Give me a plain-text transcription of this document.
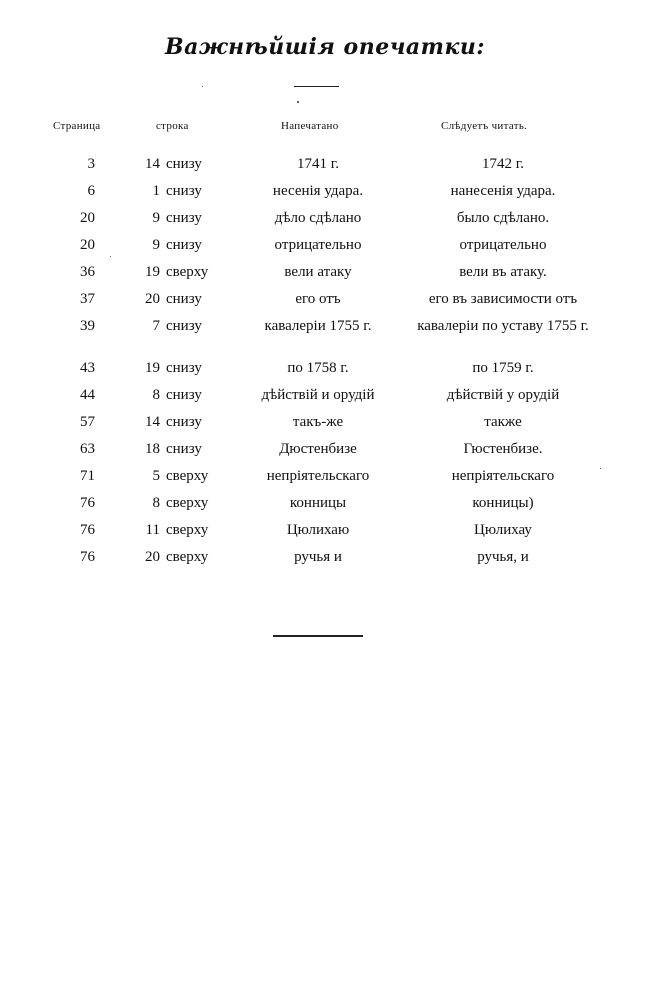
Важнѣйшія опечатки:
Страница	строка	Напечатано	Слѣдуетъ читать.
3	14 снизу	1741 г.	1742 г.
6	1 снизу	несенія удара.	нанесенія удара.
20	9 снизу	дѣло сдѣлано	было сдѣлано.
20	9 снизу	отрицательно	отрицательно
36	19 сверху	вели атаку	вели въ атаку.
37	20 снизу	его отъ	его въ зависимости отъ
39	7 снизу	кавалеріи 1755 г.	кавалеріи по уставу 1755 г.
43	19 снизу	по 1758 г.	по 1759 г.
44	8 снизу	дѣйствій и орудій	дѣйствій у орудій
57	14 снизу	такъ-же	также
63	18 снизу	Дюстенбизе	Гюстенбизе.
71	5 сверху	непріятельскаго	непріятельскаго
76	8 сверху	конницы	конницы)
76	11 сверху	Цюлихаю	Цюлихау
76	20 сверху	ручья и	ручья, и
